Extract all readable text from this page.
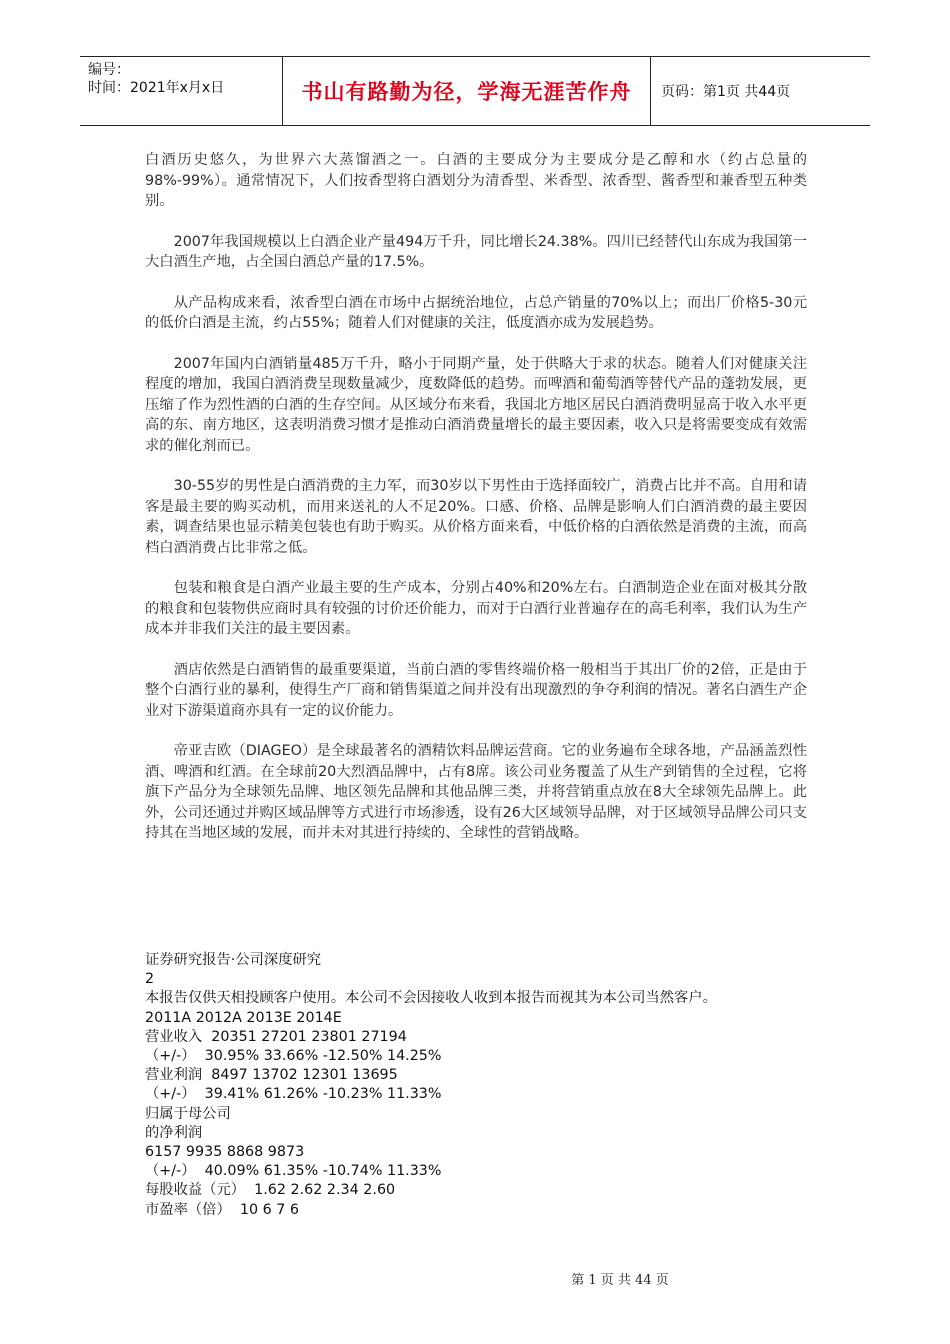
编号：
时间：2021年x月x日	书山有路勤为径，学海无涯苦作舟	页码：第1页 共44页

白酒历史悠久，为世界六大蒸馏酒之一。白酒的主要成分为主要成分是乙醇和水（约占总量的98%-99%）。通常情况下，人们按香型将白酒划分为清香型、米香型、浓香型、酱香型和兼香型五种类别。

2007年我国规模以上白酒企业产量494万千升，同比增长24.38%。四川已经替代山东成为我国第一大白酒生产地，占全国白酒总产量的17.5%。

从产品构成来看，浓香型白酒在市场中占据统治地位，占总产销量的70%以上；而出厂价格5-30元的低价白酒是主流，约占55%；随着人们对健康的关注，低度酒亦成为发展趋势。

2007年国内白酒销量485万千升，略小于同期产量，处于供略大于求的状态。随着人们对健康关注程度的增加，我国白酒消费呈现数量减少，度数降低的趋势。而啤酒和葡萄酒等替代产品的蓬勃发展，更压缩了作为烈性酒的白酒的生存空间。从区域分布来看，我国北方地区居民白酒消费明显高于收入水平更高的东、南方地区，这表明消费习惯才是推动白酒消费量增长的最主要因素，收入只是将需要变成有效需求的催化剂而已。

30-55岁的男性是白酒消费的主力军，而30岁以下男性由于选择面较广，消费占比并不高。自用和请客是最主要的购买动机，而用来送礼的人不足20%。口感、价格、品牌是影响人们白酒消费的最主要因素，调查结果也显示精美包装也有助于购买。从价格方面来看，中低价格的白酒依然是消费的主流，而高档白酒消费占比非常之低。

包装和粮食是白酒产业最主要的生产成本，分别占40%和20%左右。白酒制造企业在面对极其分散的粮食和包装物供应商时具有较强的讨价还价能力，而对于白酒行业普遍存在的高毛利率，我们认为生产成本并非我们关注的最主要因素。

酒店依然是白酒销售的最重要渠道，当前白酒的零售终端价格一般相当于其出厂价的2倍，正是由于整个白酒行业的暴利，使得生产厂商和销售渠道之间并没有出现激烈的争夺利润的情况。著名白酒生产企业对下游渠道商亦具有一定的议价能力。

帝亚吉欧（DIAGEO）是全球最著名的酒精饮料品牌运营商。它的业务遍布全球各地，产品涵盖烈性酒、啤酒和红酒。在全球前20大烈酒品牌中，占有8席。该公司业务覆盖了从生产到销售的全过程，它将旗下产品分为全球领先品牌、地区领先品牌和其他品牌三类，并将营销重点放在8大全球领先品牌上。此外，公司还通过并购区域品牌等方式进行市场渗透，设有26大区域领导品牌，对于区域领导品牌公司只支持其在当地区域的发展，而并未对其进行持续的、全球性的营销战略。

证券研究报告·公司深度研究
2
本报告仅供天相投顾客户使用。本公司不会因接收人收到本报告而视其为本公司当然客户。
2011A 2012A 2013E 2014E
营业收入  20351 27201 23801 27194
（+/-）  30.95% 33.66% -12.50% 14.25%
营业利润  8497 13702 12301 13695
（+/-）  39.41% 61.26% -10.23% 11.33%
归属于母公司
的净利润
6157 9935 8868 9873
（+/-）  40.09% 61.35% -10.74% 11.33%
每股收益（元）  1.62 2.62 2.34 2.60
市盈率（倍）  10 6 7 6
第 1 页 共 44 页
